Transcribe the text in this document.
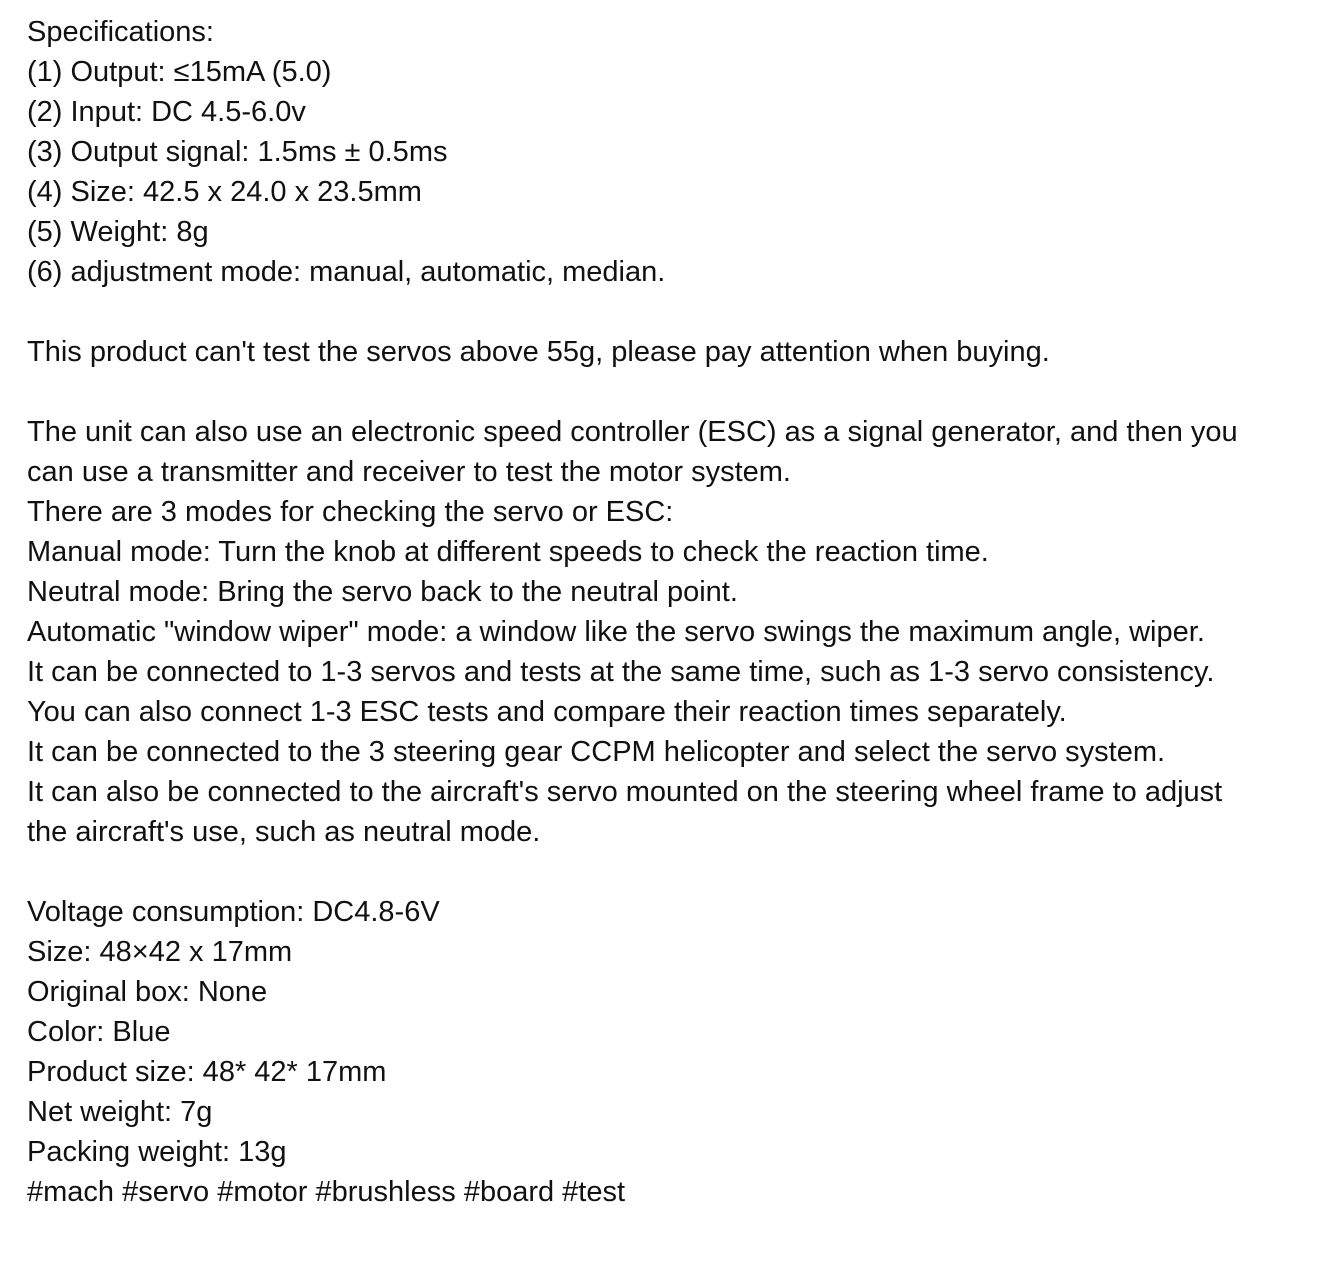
Specifications:
(1) Output: ≤15mA (5.0)
(2) Input: DC 4.5-6.0v
(3) Output signal: 1.5ms ± 0.5ms
(4) Size: 42.5 x 24.0 x 23.5mm
(5) Weight: 8g
(6) adjustment mode: manual, automatic, median.
This product can't test the servos above 55g, please pay attention when buying.
The unit can also use an electronic speed controller (ESC) as a signal generator, and then you
can use a transmitter and receiver to test the motor system.
There are 3 modes for checking the servo or ESC:
Manual mode: Turn the knob at different speeds to check the reaction time.
Neutral mode: Bring the servo back to the neutral point.
Automatic "window wiper" mode: a window like the servo swings the maximum angle, wiper.
It can be connected to 1-3 servos and tests at the same time, such as 1-3 servo consistency.
You can also connect 1-3 ESC tests and compare their reaction times separately.
It can be connected to the 3 steering gear CCPM helicopter and select the servo system.
It can also be connected to the aircraft's servo mounted on the steering wheel frame to adjust
the aircraft's use, such as neutral mode.
Voltage consumption: DC4.8-6V
Size: 48×42 x 17mm
Original box: None
Color: Blue
Product size: 48* 42* 17mm
Net weight: 7g
Packing weight: 13g
#mach #servo #motor #brushless #board #test
